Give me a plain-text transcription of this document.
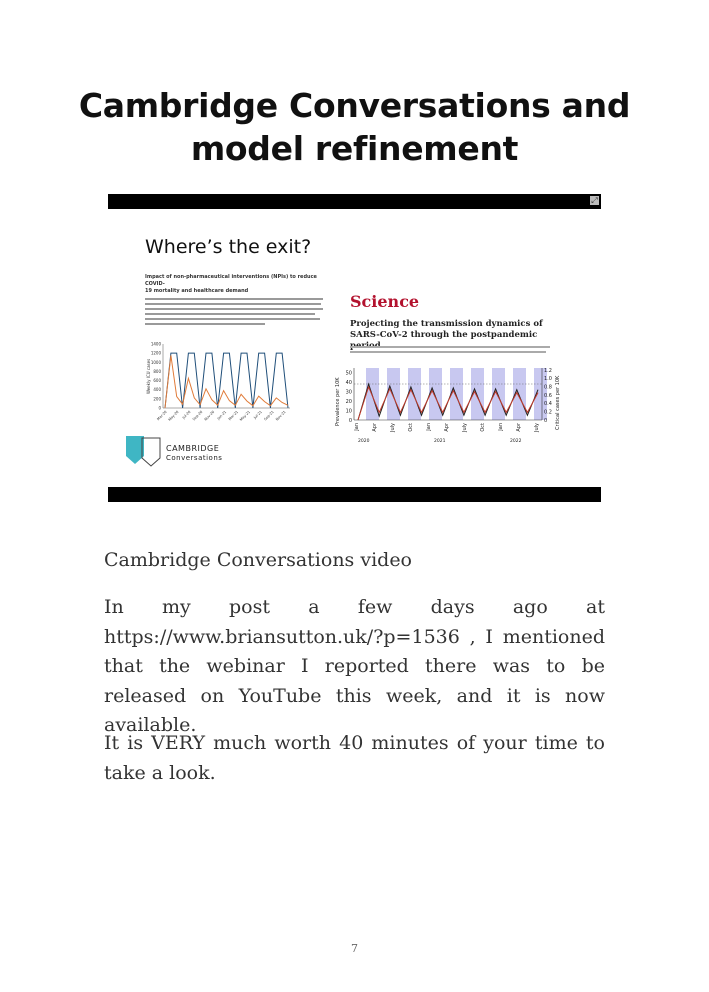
Cambridge Conversations and model refinement
⤢
Where’s the exit?
Impact of non-pharmaceutical interventions (NPIs) to reduce COVID-
19 mortality and healthcare demand
0
200
400
600
800
1000
1200
1400
Mar-20 May-20 Jul-20 Sep-20 Nov-20 Jan-21 Mar-21 May-21 Jul-21 Sep-21 Nov-21
Weekly ICU cases
Science
Projecting the transmission dynamics of SARS-CoV-2 through the postpandemic
0
10
20
30
40
50
0
0.2
0.4
0.6
0.8
1.0
1.2
Jan Apr July Oct Jan Apr July Oct Jan Apr July
2020	2021	2022
Prevalence per 10K	Critical cases per 10K
CAMBRIDGE
Conversations

Cambridge Conversations video

In my post a few days ago at https://www.briansutton.uk/?p=1536 , I mentioned that the webinar I reported there was to be released on YouTube this week, and it is now available.

It is VERY much worth 40 minutes of your time to take a look.

7
